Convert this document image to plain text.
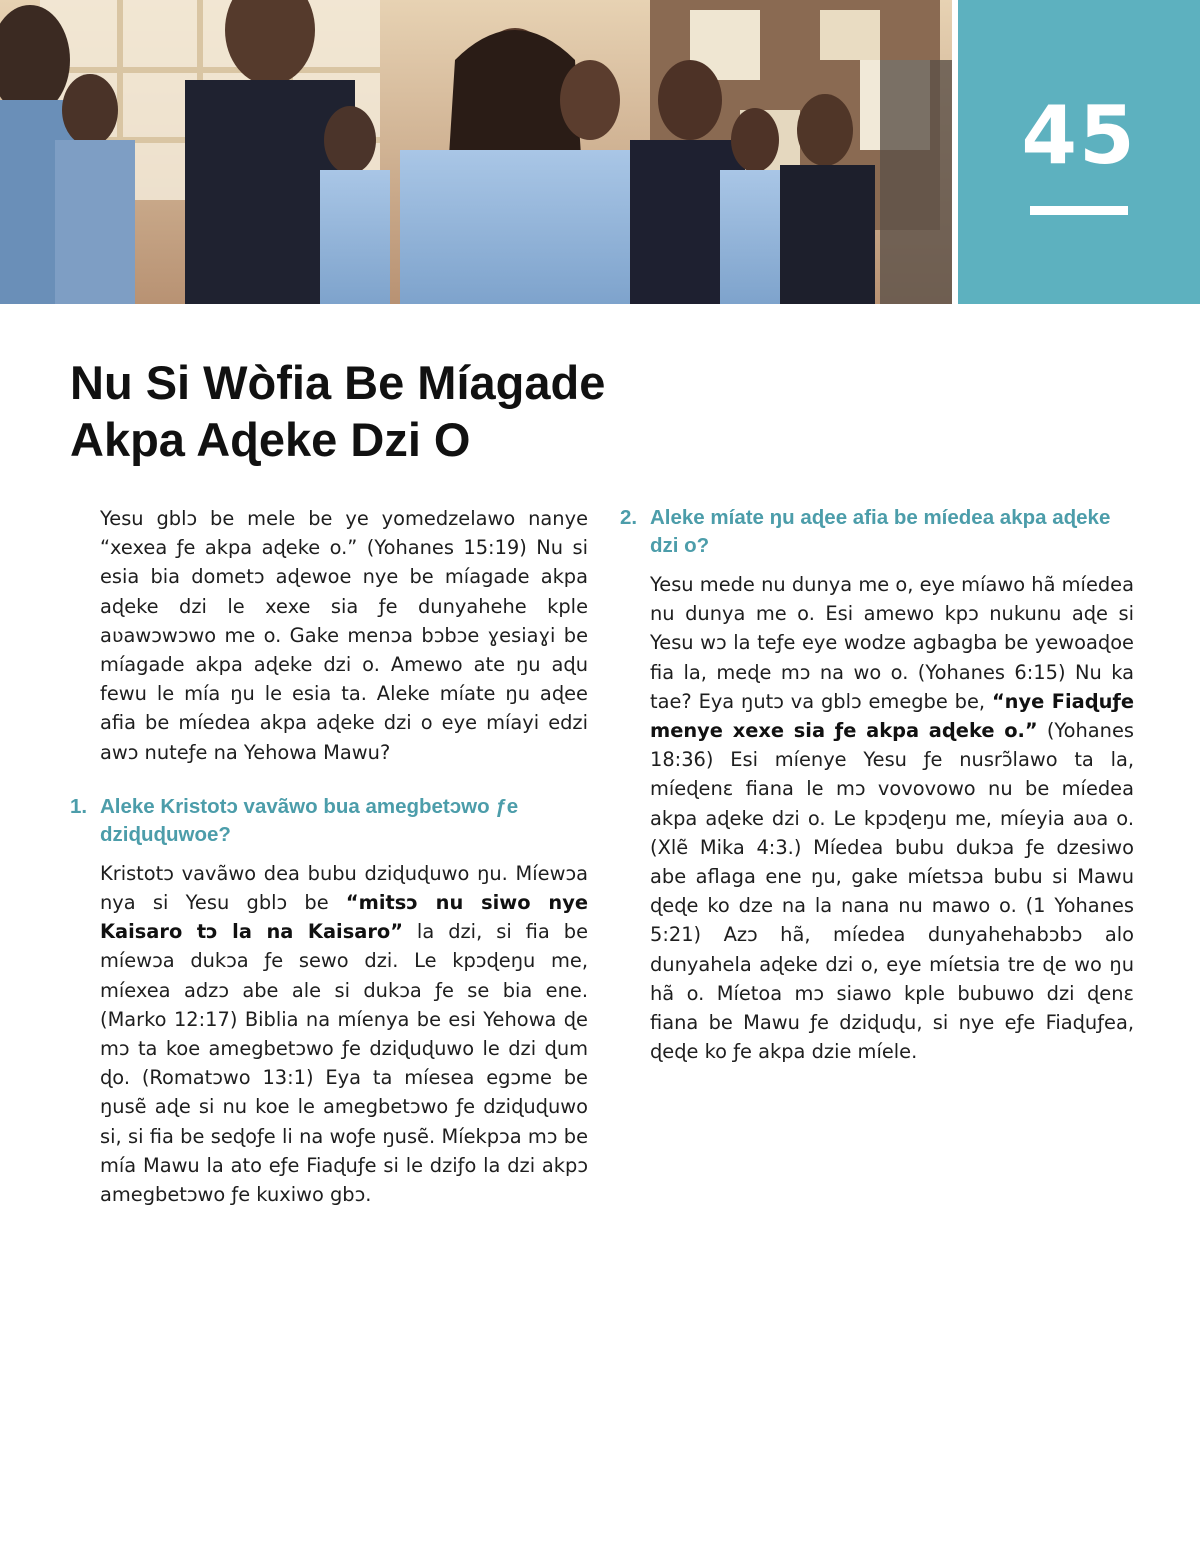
45
Nu Si Wòfia Be Míagade
Akpa Aɖeke Dzi O

Yesu gblɔ be mele be ye yomedzelawo nanye “xexea ƒe akpa aɖeke o.” (Yohanes 15:19) Nu si esia bia dometɔ aɖewoe nye be míagade akpa aɖeke dzi le xexe sia ƒe dunyahehe kple aʋawɔwɔwo me o. Gake menɔa bɔbɔe ɣesiaɣi be míagade akpa aɖeke dzi o. Amewo ate ŋu aɖu fewu le mía ŋu le esia ta. Aleke míate ŋu aɖee afia be míedea akpa aɖeke dzi o eye míayi edzi awɔ nuteƒe na Yehowa Mawu?

1. Aleke Kristotɔ vavãwo bua amegbetɔwo ƒe dziɖuɖuwoe?

Kristotɔ vavãwo dea bubu dziɖuɖuwo ŋu. Míewɔa nya si Yesu gblɔ be “mitsɔ nu siwo nye Kaisaro tɔ la na Kaisaro” la dzi, si fia be míewɔa dukɔa ƒe sewo dzi. Le kpɔɖeŋu me, míexea adzɔ abe ale si dukɔa ƒe se bia ene. (Marko 12:17) Biblia na míenya be esi Yehowa ɖe mɔ ta koe amegbetɔwo ƒe dziɖuɖuwo le dzi ɖum ɖo. (Romatɔwo 13:1) Eya ta míesea egɔme be ŋusẽ aɖe si nu koe le amegbetɔwo ƒe dziɖuɖuwo si, si fia be seɖoƒe li na woƒe ŋusẽ. Míekpɔa mɔ be mía Mawu la ato eƒe Fiaɖuƒe si le dziƒo la dzi akpɔ amegbetɔwo ƒe kuxiwo gbɔ.

2. Aleke míate ŋu aɖee afia be míedea akpa aɖeke dzi o?

Yesu mede nu dunya me o, eye míawo hã míedea nu dunya me o. Esi amewo kpɔ nukunu aɖe si Yesu wɔ la teƒe eye wodze agbagba be yewoaɖoe fia la, meɖe mɔ na wo o. (Yohanes 6:15) Nu ka tae? Eya ŋutɔ va gblɔ emegbe be, “nye Fiaɖuƒe menye xexe sia ƒe akpa aɖeke o.” (Yohanes 18:36) Esi míenye Yesu ƒe nusrɔ̃lawo ta la, míeɖenɛ fiana le mɔ vovovowo nu be míedea akpa aɖeke dzi o. Le kpɔɖeŋu me, míeyia aʋa o. (Xlẽ Mika 4:3.) Míedea bubu dukɔa ƒe dzesiwo abe aflaga ene ŋu, gake míetsɔa bubu si Mawu ɖeɖe ko dze na la nana nu mawo o. (1 Yohanes 5:21) Azɔ hã, míedea dunyahehabɔbɔ alo dunyahela aɖeke dzi o, eye míetsia tre ɖe wo ŋu hã o. Míetoa mɔ siawo kple bubuwo dzi ɖenɛ fiana be Mawu ƒe dziɖuɖu, si nye eƒe Fiaɖuƒea, ɖeɖe ko ƒe akpa dzie míele.
